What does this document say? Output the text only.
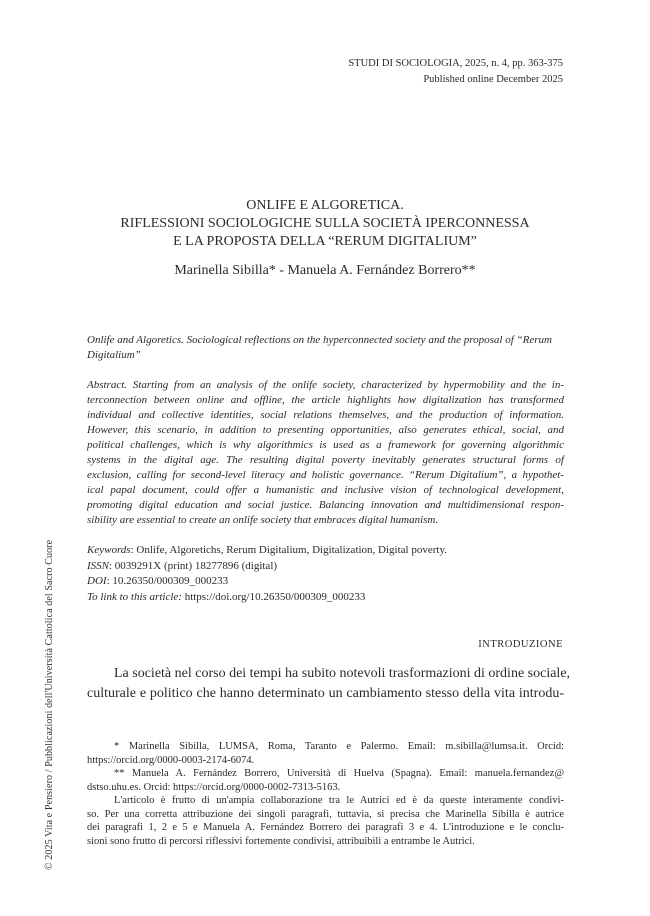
STUDI DI SOCIOLOGIA, 2025, n. 4, pp. 363-375
Published online December 2025
© 2025 Vita e Pensiero / Pubblicazioni dell'Università Cattolica del Sacro Cuore
ONLIFE E ALGORETICA.
RIFLESSIONI SOCIOLOGICHE SULLA SOCIETÀ IPERCONNESSA
E LA PROPOSTA DELLA “RERUM DIGITALIUM”
Marinella Sibilla* - Manuela A. Fernández Borrero**
Onlife and Algoretics. Sociological reflections on the hyperconnected society and the proposal of “Rerum Digitalium”
Abstract. Starting from an analysis of the onlife society, characterized by hypermobility and the in-
terconnection between online and offline, the article highlights how digitalization has transformed
individual and collective identities, social relations themselves, and the production of information.
However, this scenario, in addition to presenting opportunities, also generates ethical, social, and
political challenges, which is why algorithmics is used as a framework for governing algorithmic
systems in the digital age. The resulting digital poverty inevitably generates structural forms of
exclusion, calling for second-level literacy and holistic governance. “Rerum Digitalium”, a hypothet-
ical papal document, could offer a humanistic and inclusive vision of technological development,
promoting digital education and social justice. Balancing innovation and multidimensional respon-
sibility are essential to create an onlife society that embraces digital humanism.
Keywords: Onlife, Algoretichs, Rerum Digitalium, Digitalization, Digital poverty.
ISSN: 0039291X (print) 18277896 (digital)
DOI: 10.26350/000309_000233
To link to this article: https://doi.org/10.26350/000309_000233
INTRODUZIONE
La società nel corso dei tempi ha subito notevoli trasformazioni di ordine sociale,
culturale e politico che hanno determinato un cambiamento stesso della vita introdu-
* Marinella Sibilla, LUMSA, Roma, Taranto e Palermo. Email: m.sibilla@lumsa.it. Orcid:
https://orcid.org/0000-0003-2174-6074.
** Manuela A. Fernández Borrero, Università di Huelva (Spagna). Email: manuela.fernandez@
dstso.uhu.es. Orcid: https://orcid.org/0000-0002-7313-5163.
L'articolo è frutto di un'ampia collaborazione tra le Autrici ed è da queste interamente condivi-
so. Per una corretta attribuzione dei singoli paragrafi, tuttavia, si precisa che Marinella Sibilla è autrice
dei paragrafi 1, 2 e 5 e Manuela A. Fernández Borrero dei paragrafi 3 e 4. L'introduzione e le conclu-
sioni sono frutto di percorsi riflessivi fortemente condivisi, attribuibili a entrambe le Autrici.
